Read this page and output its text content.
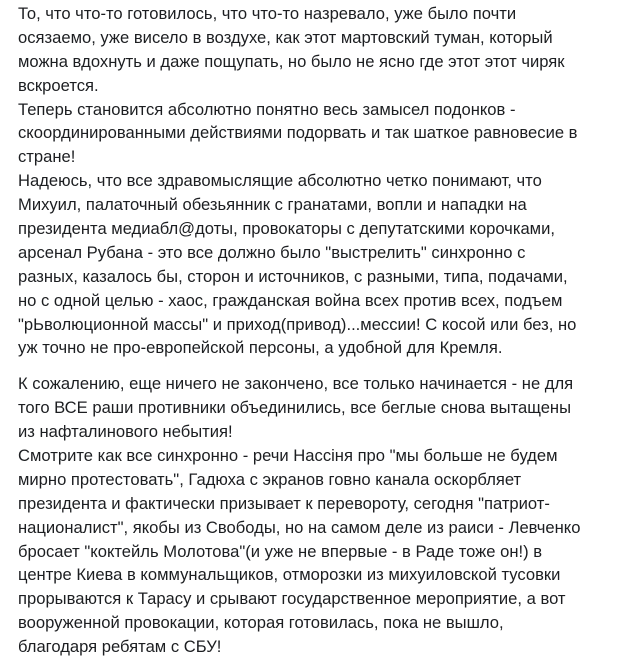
То, что что-то готовилось, что что-то назревало, уже было почти
осязаемо, уже висело в воздухе, как этот мартовский туман, который
можна вдохнуть и даже пощупать, но было не ясно где этот этот чиряк
вскроется.
Теперь становится абсолютно понятно весь замысел подонков -
скоординированными действиями подорвать и так шаткое равновесие в
стране!
Надеюсь, что все здравомыслящие абсолютно четко понимают, что
Михуил, палаточный обезьянник с гранатами, вопли и нападки на
президента медиабл@доты, провокаторы с депутатскими корочками,
арсенал Рубана - это все должно было "выстрелить" синхронно с
разных, казалось бы, сторон и источников, с разными, типа, подачами,
но с одной целью - хаос, гражданская война всех против всех, подъем
"рЬволюционной массы" и приход(привод)...мессии! С косой или без, но
уж точно не про-европейской персоны, а удобной для Кремля.
К сожалению, еще ничего не закончено, все только начинается - не для
того ВСЕ раши противники объединились, все беглые снова вытащены
из нафталинового небытия!
Смотрите как все синхронно - речи Нассіня про "мы больше не будем
мирно протестовать", Гадюха с экранов говно канала оскорбляет
президента и фактически призывает к перевороту, сегодня "патриот-
националист", якобы из Свободы, но на самом деле из раиси - Левченко
бросает "коктейль Молотова"(и уже не впервые - в Раде тоже он!) в
центре Киева в коммунальщиков, отморозки из михуиловской тусовки
прорываются к Тарасу и срывают государственное мероприятие, а вот
вооруженной провокации, которая готовилась, пока не вышло,
благодаря ребятам с СБУ!
